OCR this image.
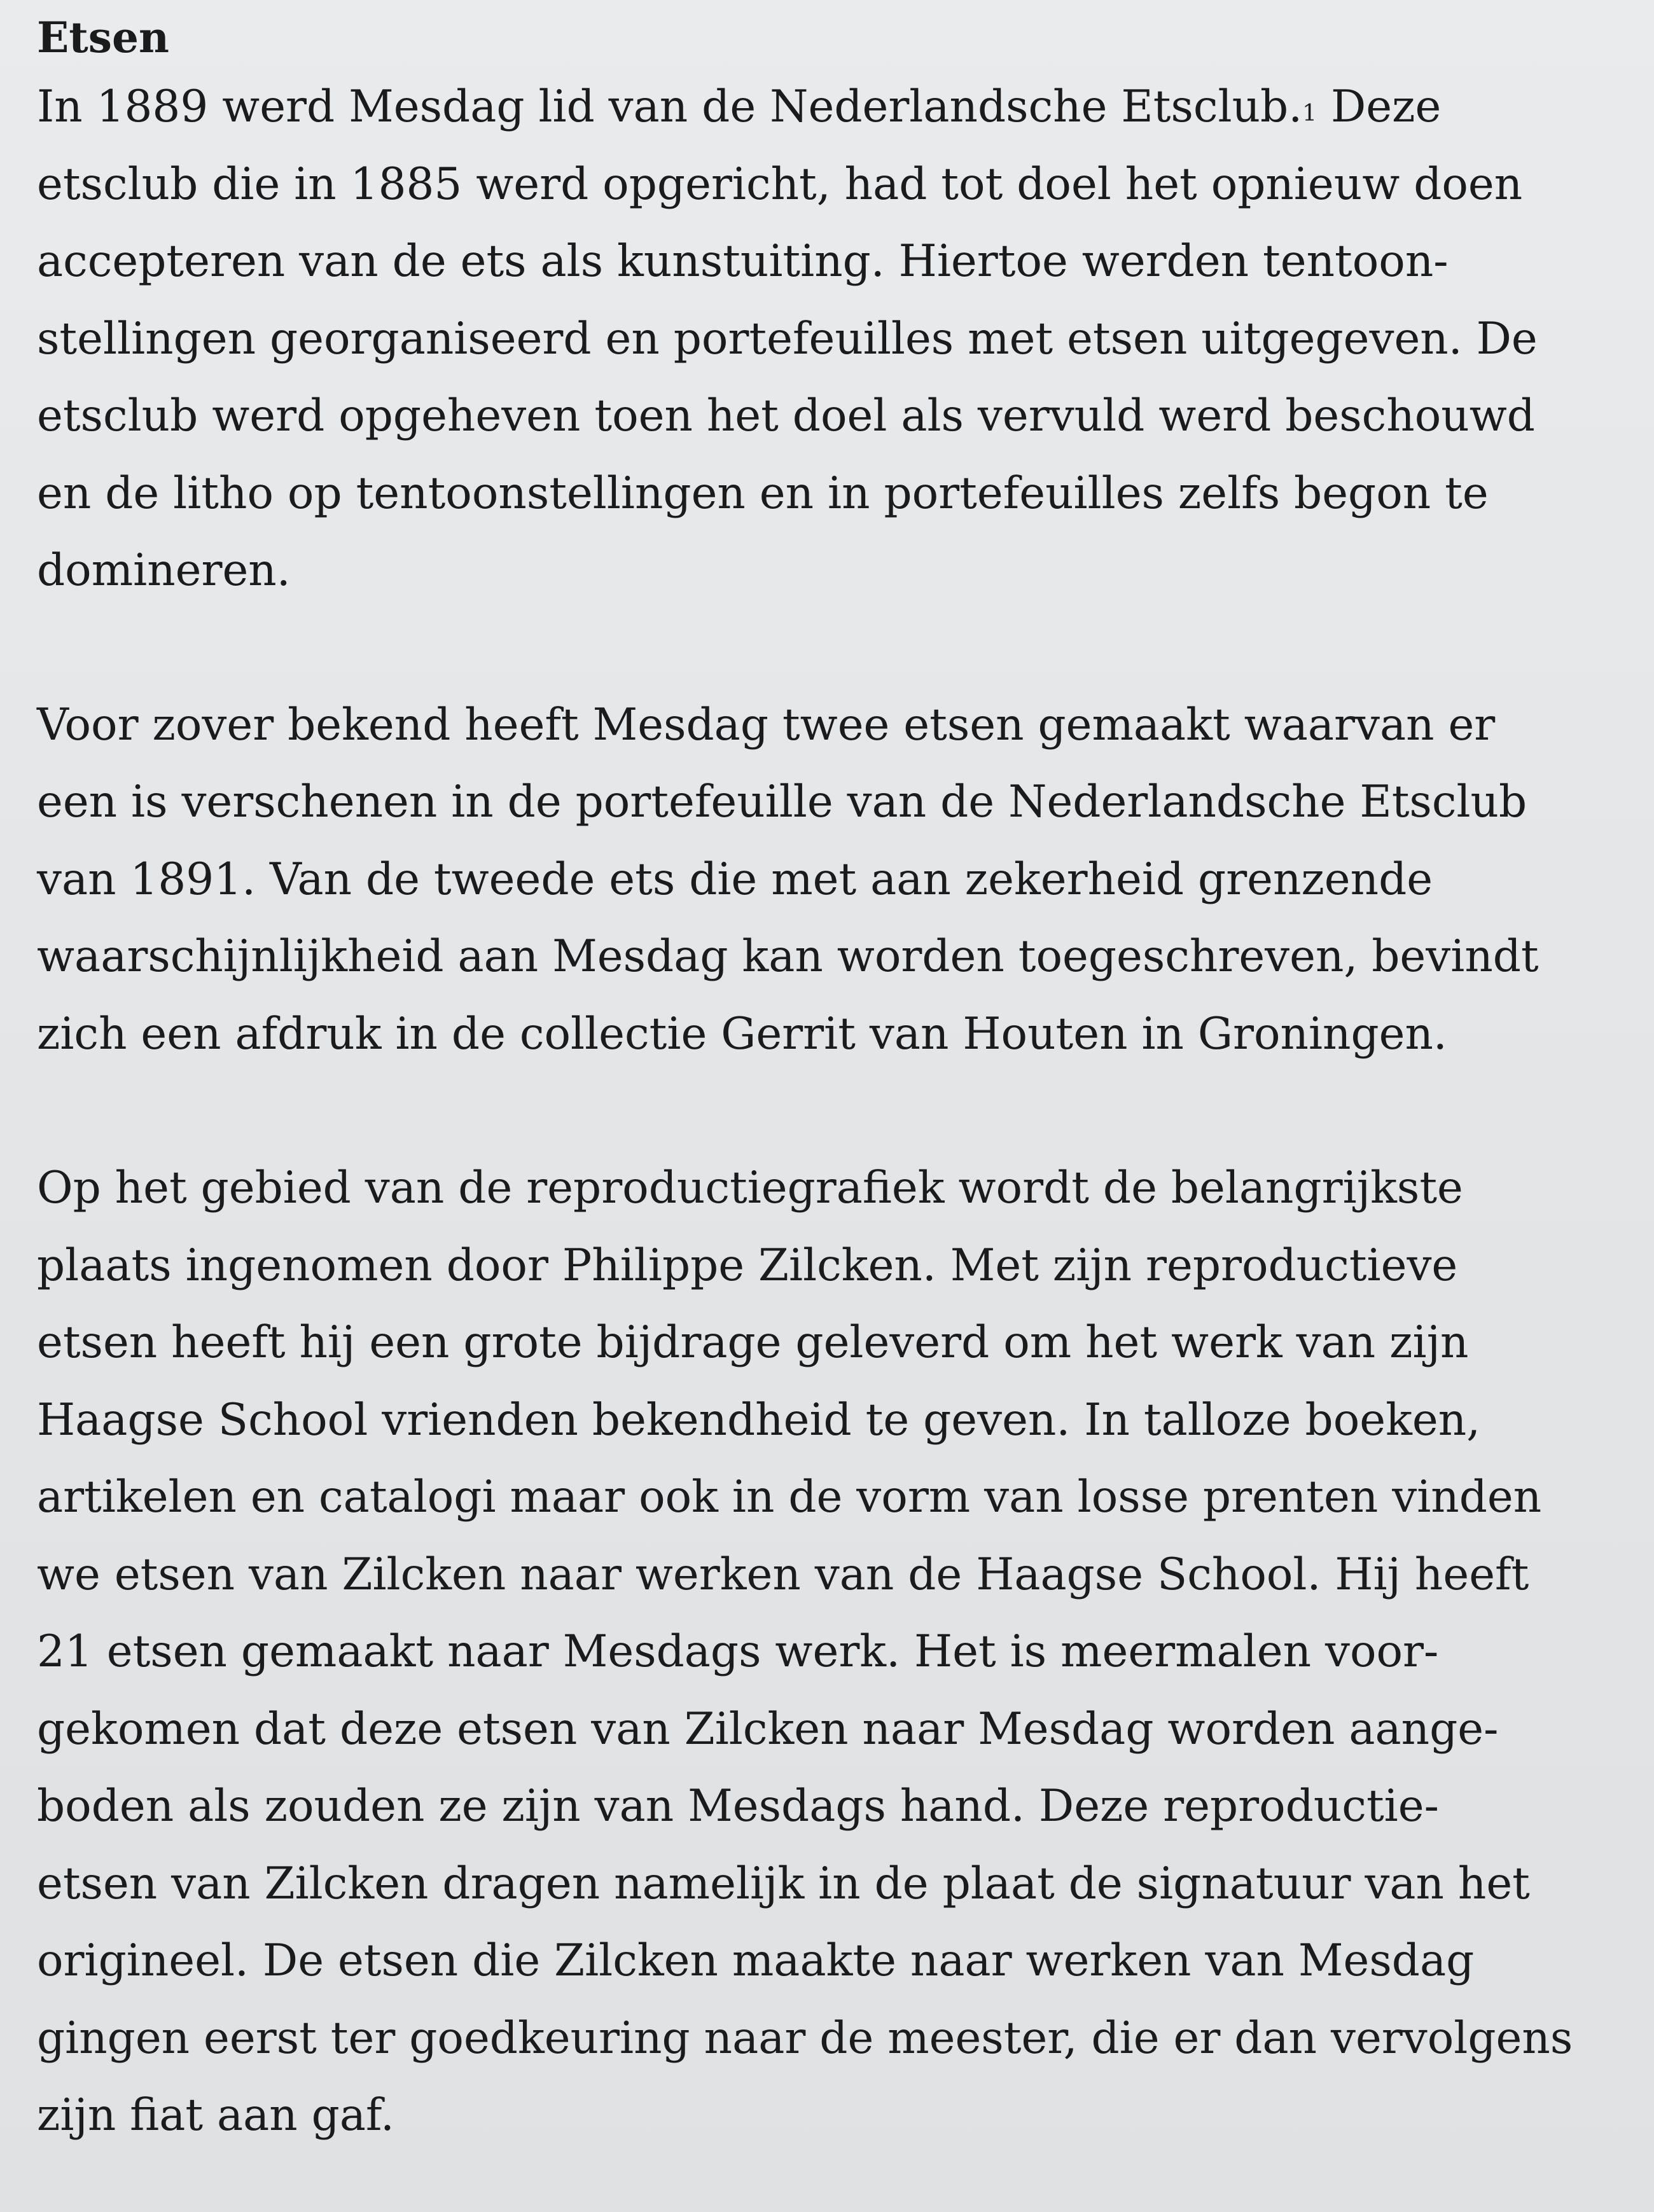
Etsen
In 1889 werd Mesdag lid van de Nederlandsche Etsclub.$^1$ Deze
etsclub die in 1885 werd opgericht, had tot doel het opnieuw doen
accepteren van de ets als kunstuiting. Hiertoe werden tentoon-
stellingen georganiseerd en portefeuilles met etsen uitgegeven. De
etsclub werd opgeheven toen het doel als vervuld werd beschouwd
en de litho op tentoonstellingen en in portefeuilles zelfs begon te
domineren.
Voor zover bekend heeft Mesdag twee etsen gemaakt waarvan er
een is verschenen in de portefeuille van de Nederlandsche Etsclub
van 1891. Van de tweede ets die met aan zekerheid grenzende
waarschijnlijkheid aan Mesdag kan worden toegeschreven, bevindt
zich een afdruk in de collectie Gerrit van Houten in Groningen.
Op het gebied van de reproductiegrafiek wordt de belangrijkste
plaats ingenomen door Philippe Zilcken. Met zijn reproductieve
etsen heeft hij een grote bijdrage geleverd om het werk van zijn
Haagse School vrienden bekendheid te geven. In talloze boeken,
artikelen en catalogi maar ook in de vorm van losse prenten vinden
we etsen van Zilcken naar werken van de Haagse School. Hij heeft
21 etsen gemaakt naar Mesdags werk. Het is meermalen voor-
gekomen dat deze etsen van Zilcken naar Mesdag worden aange-
boden als zouden ze zijn van Mesdags hand. Deze reproductie-
etsen van Zilcken dragen namelijk in de plaat de signatuur van het
origineel. De etsen die Zilcken maakte naar werken van Mesdag
gingen eerst ter goedkeuring naar de meester, die er dan vervolgens
zijn fiat aan gaf.
